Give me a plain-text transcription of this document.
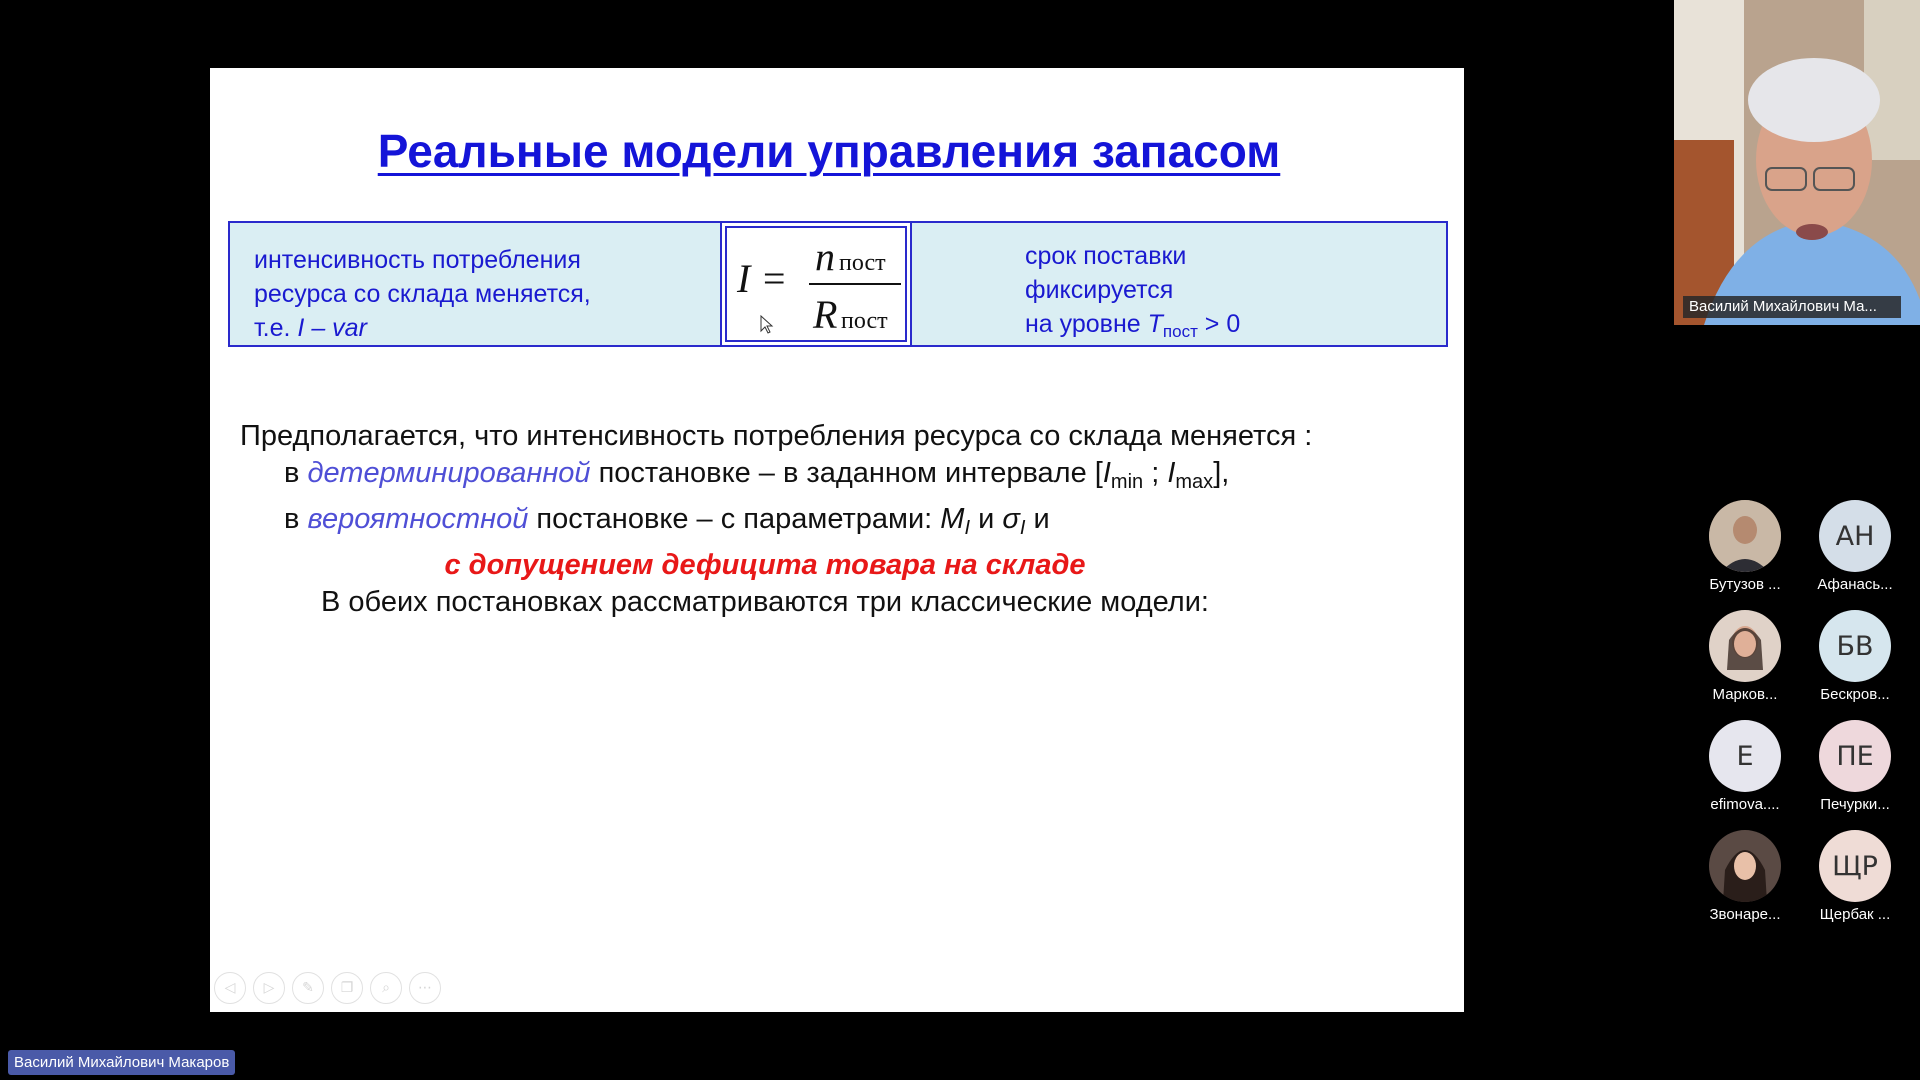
Реальные модели управления запасом
интенсивность потребления
ресурса со склада меняется,
т.е. I – var
I = n пост
R пост
срок поставки
фиксируется
на уровне $T_{пост} > 0$
Предполагается, что интенсивность потребления ресурса со склада меняется :
в детерминированной постановке – в заданном интервале [$I_{min}$ ; $I_{max}$],
в вероятностной постановке – с параметрами: $M_I$ и $\sigma_I$ и
с допущением дефицита товара на складе
В обеих постановках рассматриваются три классические модели:
◁	▷	✎	❐	⌕	⋯
Василий Михайлович Ма...
Бутузов ...
АН
Афанась...
Марков...
БВ
Бескров...
Е
efimova....
ПЕ
Печурки...
Звонаре...
ЩР
Щербак ...
Василий Михайлович Макаров
